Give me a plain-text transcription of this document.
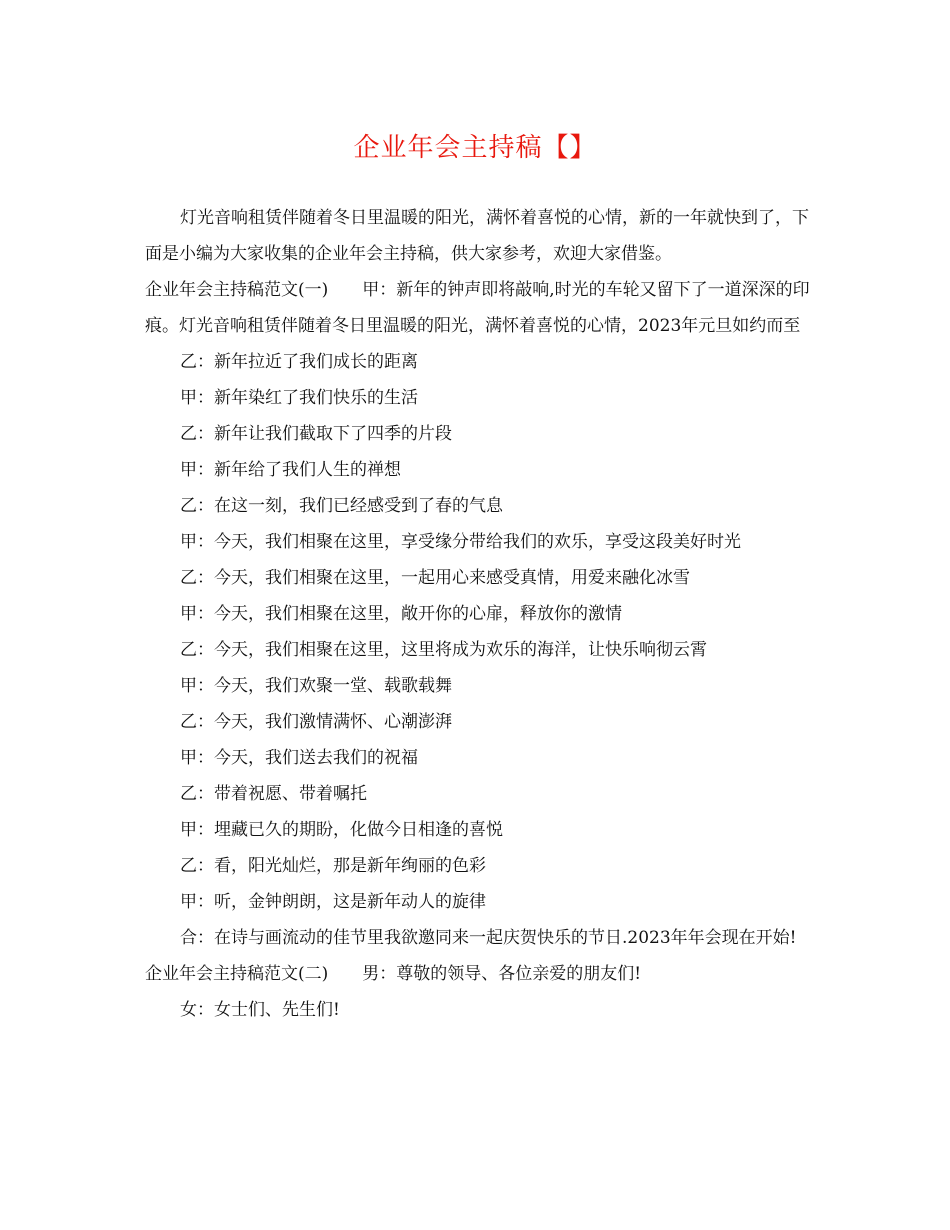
企业年会主持稿【】

灯光音响租赁伴随着冬日里温暖的阳光，满怀着喜悦的心情，新的一年就快到了，下面是小编为大家收集的企业年会主持稿，供大家参考，欢迎大家借鉴。

企业年会主持稿范文(一)　　甲：新年的钟声即将敲响,时光的车轮又留下了一道深深的印痕。灯光音响租赁伴随着冬日里温暖的阳光，满怀着喜悦的心情，2023年元旦如约而至

乙：新年拉近了我们成长的距离

甲：新年染红了我们快乐的生活

乙：新年让我们截取下了四季的片段

甲：新年给了我们人生的禅想

乙：在这一刻，我们已经感受到了春的气息

甲：今天，我们相聚在这里，享受缘分带给我们的欢乐，享受这段美好时光

乙：今天，我们相聚在这里，一起用心来感受真情，用爱来融化冰雪

甲：今天，我们相聚在这里，敞开你的心扉，释放你的激情

乙：今天，我们相聚在这里，这里将成为欢乐的海洋，让快乐响彻云霄

甲：今天，我们欢聚一堂、载歌载舞

乙：今天，我们激情满怀、心潮澎湃

甲：今天，我们送去我们的祝福

乙：带着祝愿、带着嘱托

甲：埋藏已久的期盼，化做今日相逢的喜悦

乙：看，阳光灿烂，那是新年绚丽的色彩

甲：听，金钟朗朗，这是新年动人的旋律

合：在诗与画流动的佳节里我欲邀同来一起庆贺快乐的节日.2023年年会现在开始!

企业年会主持稿范文(二)　　男：尊敬的领导、各位亲爱的朋友们!

女：女士们、先生们!
